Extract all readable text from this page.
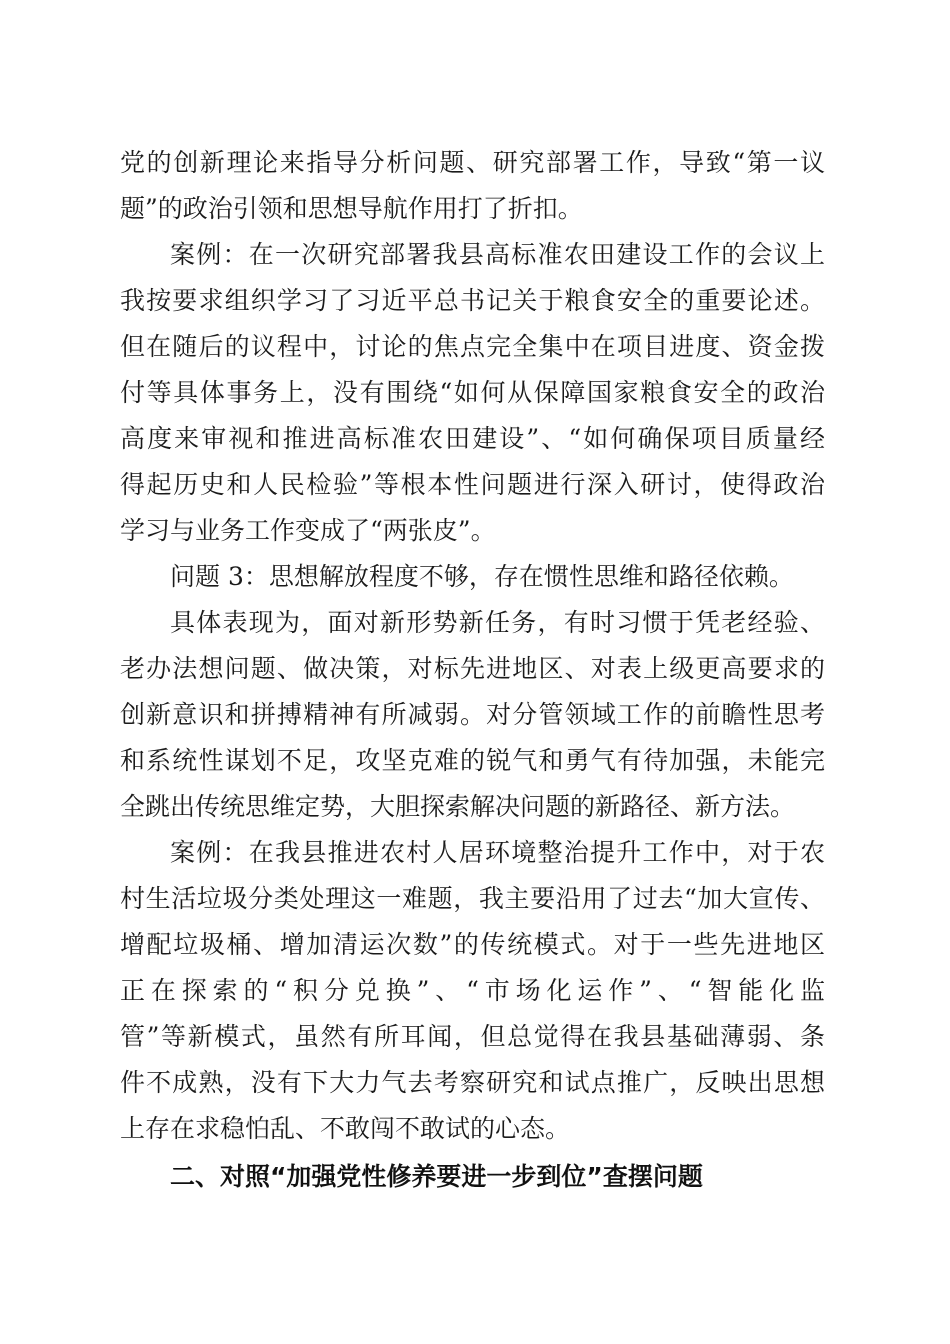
党的创新理论来指导分析问题、研究部署工作，导致“第一议
题”的政治引领和思想导航作用打了折扣。
案例：在一次研究部署我县高标准农田建设工作的会议上
我按要求组织学习了习近平总书记关于粮食安全的重要论述。
但在随后的议程中，讨论的焦点完全集中在项目进度、资金拨
付等具体事务上，没有围绕“如何从保障国家粮食安全的政治
高度来审视和推进高标准农田建设”、“如何确保项目质量经
得起历史和人民检验”等根本性问题进行深入研讨，使得政治
学习与业务工作变成了“两张皮”。
问题 3：思想解放程度不够，存在惯性思维和路径依赖。
具体表现为，面对新形势新任务，有时习惯于凭老经验、
老办法想问题、做决策，对标先进地区、对表上级更高要求的
创新意识和拼搏精神有所减弱。对分管领域工作的前瞻性思考
和系统性谋划不足，攻坚克难的锐气和勇气有待加强，未能完
全跳出传统思维定势，大胆探索解决问题的新路径、新方法。
案例：在我县推进农村人居环境整治提升工作中，对于农
村生活垃圾分类处理这一难题，我主要沿用了过去“加大宣传、
增配垃圾桶、增加清运次数”的传统模式。对于一些先进地区
正在探索的“积分兑换”、“市场化运作”、“智能化监
管”等新模式，虽然有所耳闻，但总觉得在我县基础薄弱、条
件不成熟，没有下大力气去考察研究和试点推广，反映出思想
上存在求稳怕乱、不敢闯不敢试的心态。
二、对照“加强党性修养要进一步到位”查摆问题
